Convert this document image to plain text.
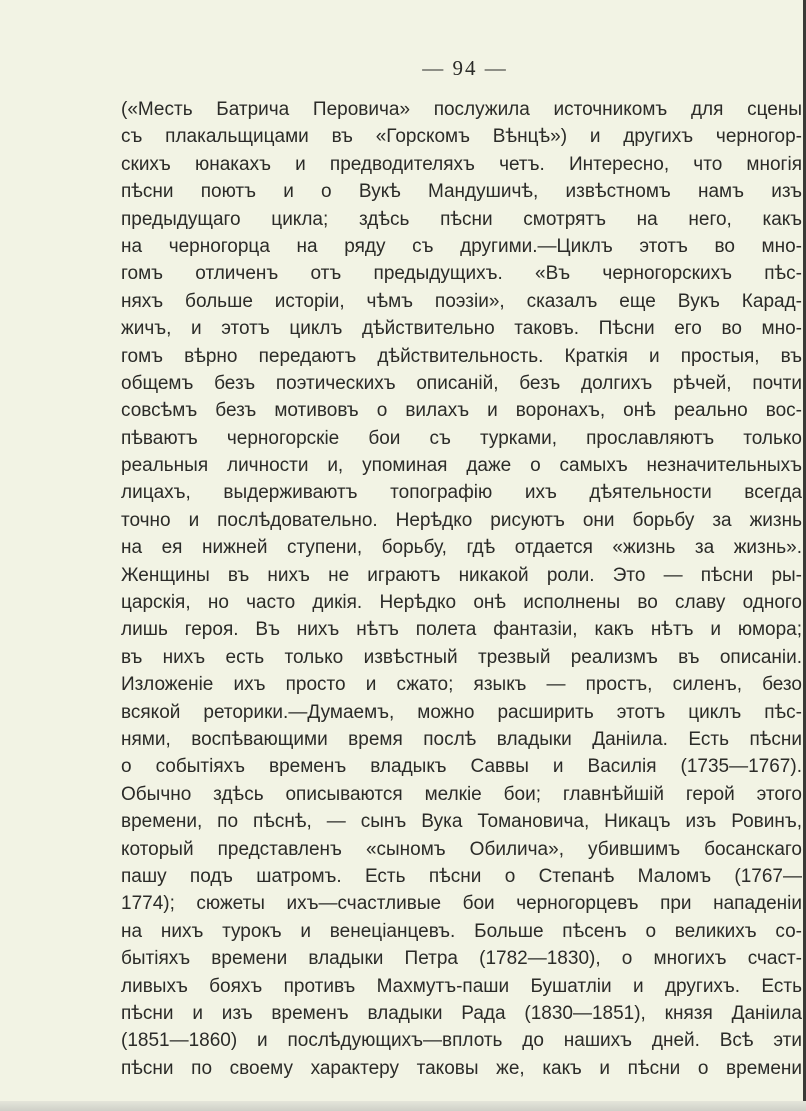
— 94 —
(«Месть Батрича Перовича» послужила источникомъ для сцены
съ плакальщицами въ «Горскомъ Вѣнцѣ») и другихъ черногор-
скихъ юнакахъ и предводителяхъ четъ. Интересно, что многія
пѣсни поютъ и о Вукѣ Мандушичѣ, извѣстномъ намъ изъ
предыдущаго цикла; здѣсь пѣсни смотрятъ на него, какъ
на черногорца на ряду съ другими.—Циклъ этотъ во мно-
гомъ отличенъ отъ предыдущихъ. «Въ черногорскихъ пѣс-
няхъ больше исторіи, чѣмъ поэзіи», сказалъ еще Вукъ Карад-
жичъ, и этотъ циклъ дѣйствительно таковъ. Пѣсни его во мно-
гомъ вѣрно передаютъ дѣйствительность. Краткія и простыя, въ
общемъ безъ поэтическихъ описаній, безъ долгихъ рѣчей, почти
совсѣмъ безъ мотивовъ о вилахъ и воронахъ, онѣ реально вос-
пѣваютъ черногорскіе бои съ турками, прославляютъ только
реальныя личности и, упоминая даже о самыхъ незначительныхъ
лицахъ, выдерживаютъ топографію ихъ дѣятельности всегда
точно и послѣдовательно. Нерѣдко рисуютъ они борьбу за жизнь
на ея нижней ступени, борьбу, гдѣ отдается «жизнь за жизнь».
Женщины въ нихъ не играютъ никакой роли. Это — пѣсни ры-
царскія, но часто дикія. Нерѣдко онѣ исполнены во славу одного
лишь героя. Въ нихъ нѣтъ полета фантазіи, какъ нѣтъ и юмора;
въ нихъ есть только извѣстный трезвый реализмъ въ описаніи.
Изложеніе ихъ просто и сжато; языкъ — простъ, силенъ, безо
всякой реторики.—Думаемъ, можно расширить этотъ циклъ пѣс-
нями, воспѣвающими время послѣ владыки Даніила. Есть пѣсни
о событіяхъ временъ владыкъ Саввы и Василія (1735—1767).
Обычно здѣсь описываются мелкіе бои; главнѣйшій герой этого
времени, по пѣснѣ, — сынъ Вука Томановича, Никацъ изъ Ровинъ,
который представленъ «сыномъ Обилича», убившимъ босанскаго
пашу подъ шатромъ. Есть пѣсни о Степанѣ Маломъ (1767—
1774); сюжеты ихъ—счастливые бои черногорцевъ при нападеніи
на нихъ турокъ и венеціанцевъ. Больше пѣсенъ о великихъ со-
бытіяхъ времени владыки Петра (1782—1830), о многихъ счаст-
ливыхъ бояхъ противъ Махмутъ-паши Бушатліи и другихъ. Есть
пѣсни и изъ временъ владыки Рада (1830—1851), князя Даніила
(1851—1860) и послѣдующихъ—вплоть до нашихъ дней. Всѣ эти
пѣсни по своему характеру таковы же, какъ и пѣсни о времени
